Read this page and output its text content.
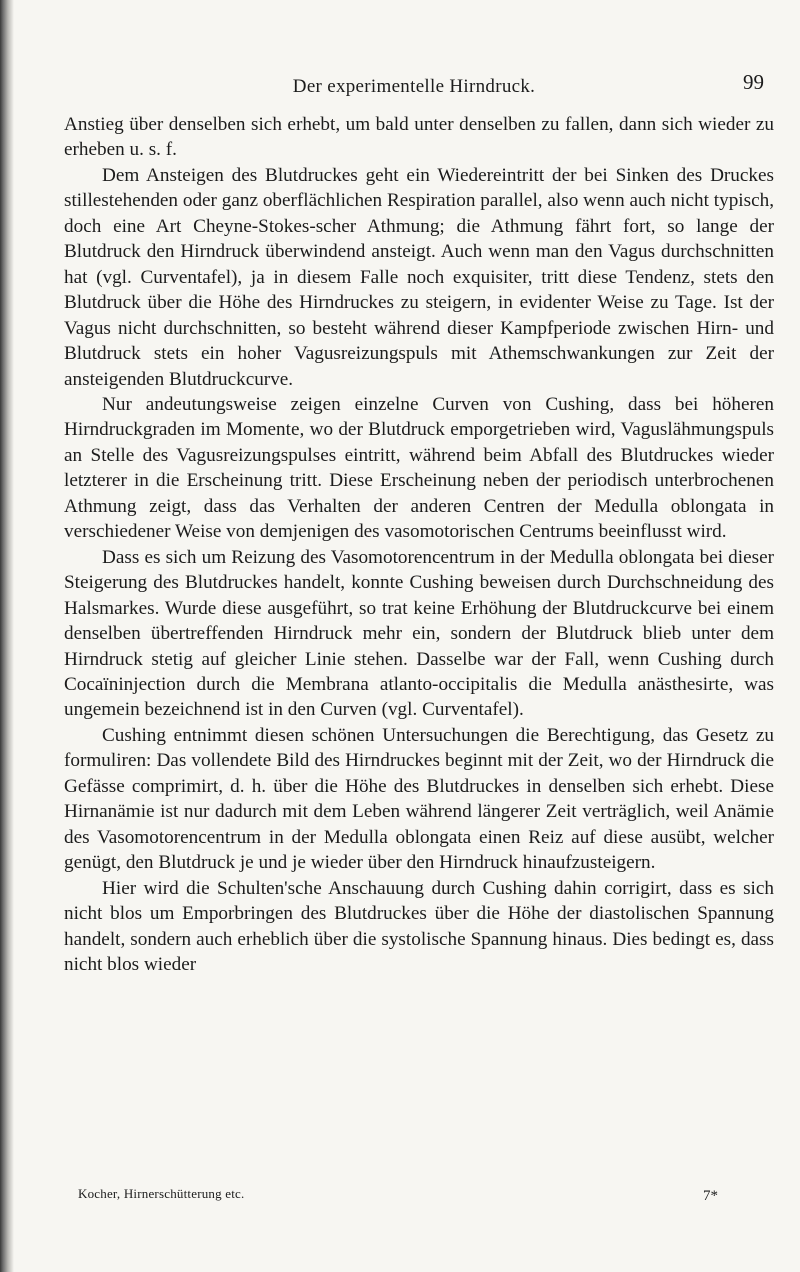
Der experimentelle Hirndruck.	99

Anstieg über denselben sich erhebt, um bald unter denselben zu fallen, dann sich wieder zu erheben u. s. f.

Dem Ansteigen des Blutdruckes geht ein Wiedereintritt der bei Sinken des Druckes stillestehenden oder ganz oberflächlichen Respiration parallel, also wenn auch nicht typisch, doch eine Art Cheyne-Stokes-scher Athmung; die Athmung fährt fort, so lange der Blutdruck den Hirndruck überwindend ansteigt. Auch wenn man den Vagus durchschnitten hat (vgl. Curventafel), ja in diesem Falle noch exquisiter, tritt diese Tendenz, stets den Blutdruck über die Höhe des Hirndruckes zu steigern, in evidenter Weise zu Tage. Ist der Vagus nicht durchschnitten, so besteht während dieser Kampfperiode zwischen Hirn- und Blutdruck stets ein hoher Vagusreizungspuls mit Athemschwankungen zur Zeit der ansteigenden Blutdruckcurve.

Nur andeutungsweise zeigen einzelne Curven von Cushing, dass bei höheren Hirndruckgraden im Momente, wo der Blutdruck emporgetrieben wird, Vaguslähmungspuls an Stelle des Vagusreizungspulses eintritt, während beim Abfall des Blutdruckes wieder letzterer in die Erscheinung tritt. Diese Erscheinung neben der periodisch unterbrochenen Athmung zeigt, dass das Verhalten der anderen Centren der Medulla oblongata in verschiedener Weise von demjenigen des vasomotorischen Centrums beeinflusst wird.

Dass es sich um Reizung des Vasomotorencentrum in der Medulla oblongata bei dieser Steigerung des Blutdruckes handelt, konnte Cushing beweisen durch Durchschneidung des Halsmarkes. Wurde diese ausgeführt, so trat keine Erhöhung der Blutdruckcurve bei einem denselben übertreffenden Hirndruck mehr ein, sondern der Blutdruck blieb unter dem Hirndruck stetig auf gleicher Linie stehen. Dasselbe war der Fall, wenn Cushing durch Cocaïninjection durch die Membrana atlanto-occipitalis die Medulla anästhesirte, was ungemein bezeichnend ist in den Curven (vgl. Curventafel).

Cushing entnimmt diesen schönen Untersuchungen die Berechtigung, das Gesetz zu formuliren: Das vollendete Bild des Hirndruckes beginnt mit der Zeit, wo der Hirndruck die Gefässe comprimirt, d. h. über die Höhe des Blutdruckes in denselben sich erhebt. Diese Hirnanämie ist nur dadurch mit dem Leben während längerer Zeit verträglich, weil Anämie des Vasomotorencentrum in der Medulla oblongata einen Reiz auf diese ausübt, welcher genügt, den Blutdruck je und je wieder über den Hirndruck hinaufzusteigern.

Hier wird die Schulten'sche Anschauung durch Cushing dahin corrigirt, dass es sich nicht blos um Emporbringen des Blutdruckes über die Höhe der diastolischen Spannung handelt, sondern auch erheblich über die systolische Spannung hinaus. Dies bedingt es, dass nicht blos wieder

Kocher, Hirnerschütterung etc.	7*
